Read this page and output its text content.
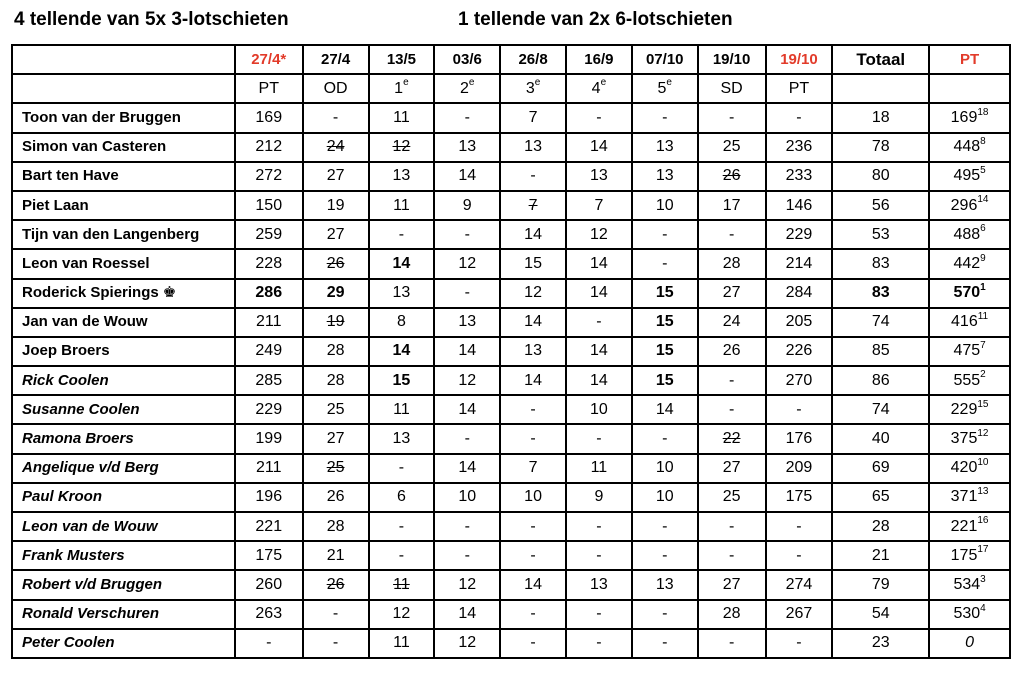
4 tellende van 5x 3-lotschieten	1 tellende van 2x 6-lotschieten
	27/4*	27/4	13/5	03/6	26/8	16/9	07/10	19/10	19/10	Totaal	PT
	PT	OD	1e	2e	3e	4e	5e	SD	PT		
Toon van der Bruggen	169	-	11	-	7	-	-	-	-	18	$169^{18}$
Simon van Casteren	212	24	12	13	13	14	13	25	236	78	$448^8$
Bart ten Have	272	27	13	14	-	13	13	26	233	80	$495^5$
Piet Laan	150	19	11	9	7	7	10	17	146	56	$296^{14}$
Tijn van den Langenberg	259	27	-	-	14	12	-	-	229	53	$488^6$
Leon van Roessel	228	26	14	12	15	14	-	28	214	83	$442^9$
Roderick Spierings ♚	286	29	13	-	12	14	15	27	284	83	$570^1$
Jan van de Wouw	211	19	8	13	14	-	15	24	205	74	$416^{11}$
Joep Broers	249	28	14	14	13	14	15	26	226	85	$475^7$
Rick Coolen	285	28	15	12	14	14	15	-	270	86	$555^2$
Susanne Coolen	229	25	11	14	-	10	14	-	-	74	$229^{15}$
Ramona Broers	199	27	13	-	-	-	-	22	176	40	$375^{12}$
Angelique v/d Berg	211	25	-	14	7	11	10	27	209	69	$420^{10}$
Paul Kroon	196	26	6	10	10	9	10	25	175	65	$371^{13}$
Leon van de Wouw	221	28	-	-	-	-	-	-	-	28	$221^{16}$
Frank Musters	175	21	-	-	-	-	-	-	-	21	$175^{17}$
Robert v/d Bruggen	260	26	11	12	14	13	13	27	274	79	$534^3$
Ronald Verschuren	263	-	12	14	-	-	-	28	267	54	$530^4$
Peter Coolen	-	-	11	12	-	-	-	-	-	23	0
